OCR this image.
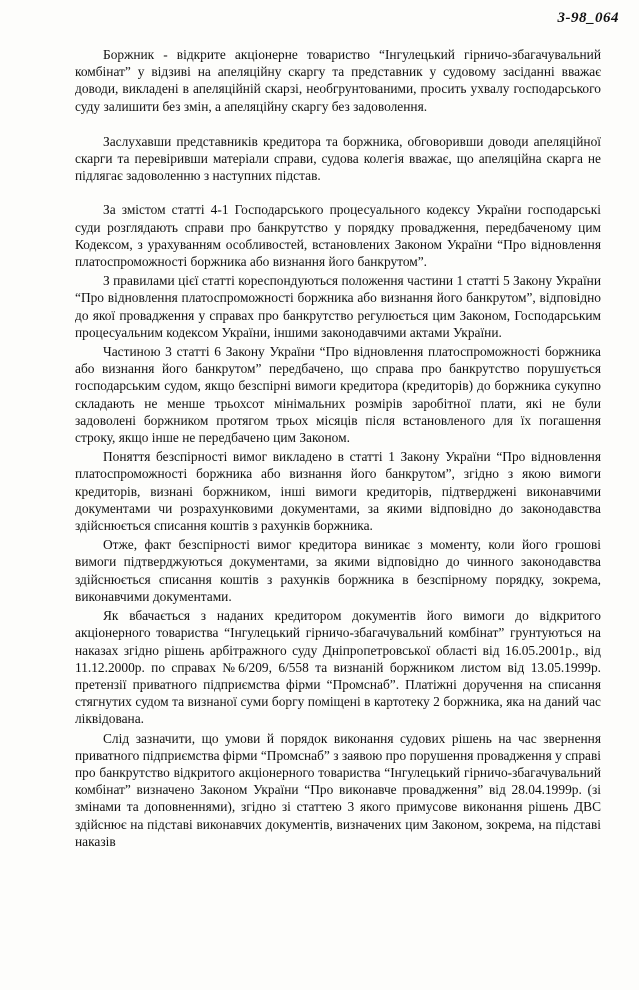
3-98_064

Боржник - відкрите акціонерне товариство “Інгулецький гірничо-збагачувальний комбінат” у відзиві на апеляційну скаргу та представник у судовому засіданні вважає доводи, викладені в апеляційній скарзі, необгрунтованими, просить ухвалу господарського суду залишити без змін, а апеляційну скаргу без задоволення.

Заслухавши представників кредитора та боржника, обговоривши доводи апеляційної скарги та перевіривши матеріали справи, судова колегія вважає, що апеляційна скарга не підлягає задоволенню з наступних підстав.

За змістом статті 4-1 Господарського процесуального кодексу України господарські суди розглядають справи про банкрутство у порядку провадження, передбаченому цим Кодексом, з урахуванням особливостей, встановлених Законом України “Про відновлення платоспроможності боржника або визнання його банкрутом”.

З правилами цієї статті кореспондуються положення частини 1 статті 5 Закону України “Про відновлення платоспроможності боржника або визнання його банкрутом”, відповідно до якої провадження у справах про банкрутство регулюється цим Законом, Господарським процесуальним кодексом України, іншими законодавчими актами України.

Частиною 3 статті 6 Закону України “Про відновлення платоспроможності боржника або визнання його банкрутом” передбачено, що справа про банкрутство порушується господарським судом, якщо безспірні вимоги кредитора (кредиторів) до боржника сукупно складають не менше трьохсот мінімальних розмірів заробітної плати, які не були задоволені боржником протягом трьох місяців після встановленого для їх погашення строку, якщо інше не передбачено цим Законом.

Поняття безспірності вимог викладено в статті 1 Закону України “Про відновлення платоспроможності боржника або визнання його банкрутом”, згідно з якою вимоги кредиторів, визнані боржником, інші вимоги кредиторів, підтверджені виконавчими документами чи розрахунковими документами, за якими відповідно до законодавства здійснюється списання коштів з рахунків боржника.

Отже, факт безспірності вимог кредитора виникає з моменту, коли його грошові вимоги підтверджуються документами, за якими відповідно до чинного законодавства здійснюється списання коштів з рахунків боржника в безспірному порядку, зокрема, виконавчими документами.

Як вбачається з наданих кредитором документів його вимоги до відкритого акціонерного товариства “Інгулецький гірничо-збагачувальний комбінат” грунтуються на наказах згідно рішень арбітражного суду Дніпропетровської області від 16.05.2001р., від 11.12.2000р. по справах №6/209, 6/558 та визнаній боржником листом від 13.05.1999р. претензії приватного підприємства фірми “Промснаб”. Платіжні доручення на списання стягнутих судом та визнаної суми боргу поміщені в картотеку 2 боржника, яка на даний час ліквідована.

Слід зазначити, що умови й порядок виконання судових рішень на час звернення приватного підприємства фірми “Промснаб” з заявою про порушення провадження у справі про банкрутство відкритого акціонерного товариства “Інгулецький гірничо-збагачувальний комбінат” визначено Законом України “Про виконавче провадження” від 28.04.1999р. (зі змінами та доповненнями), згідно зі статтею 3 якого примусове виконання рішень ДВС здійснює на підставі виконавчих документів, визначених цим Законом, зокрема, на підставі наказів
